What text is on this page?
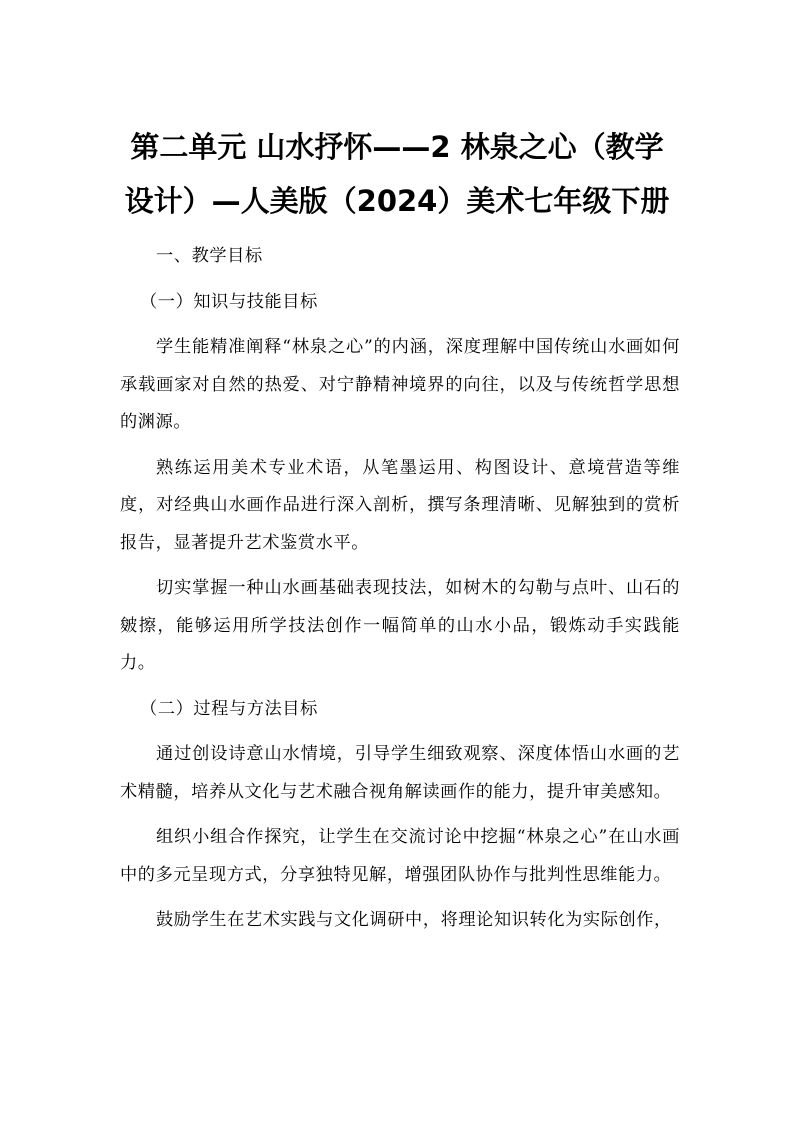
第二单元 山水抒怀——2 林泉之心（教学
设计）—人美版（2024）美术七年级下册

一、教学目标

（一）知识与技能目标

学生能精准阐释“林泉之心”的内涵，深度理解中国传统山水画如何承载画家对自然的热爱、对宁静精神境界的向往，以及与传统哲学思想的渊源。

熟练运用美术专业术语，从笔墨运用、构图设计、意境营造等维度，对经典山水画作品进行深入剖析，撰写条理清晰、见解独到的赏析报告，显著提升艺术鉴赏水平。

切实掌握一种山水画基础表现技法，如树木的勾勒与点叶、山石的皴擦，能够运用所学技法创作一幅简单的山水小品，锻炼动手实践能力。

（二）过程与方法目标

通过创设诗意山水情境，引导学生细致观察、深度体悟山水画的艺术精髓，培养从文化与艺术融合视角解读画作的能力，提升审美感知。

组织小组合作探究，让学生在交流讨论中挖掘“林泉之心”在山水画中的多元呈现方式，分享独特见解，增强团队协作与批判性思维能力。

鼓励学生在艺术实践与文化调研中，将理论知识转化为实际创作，
